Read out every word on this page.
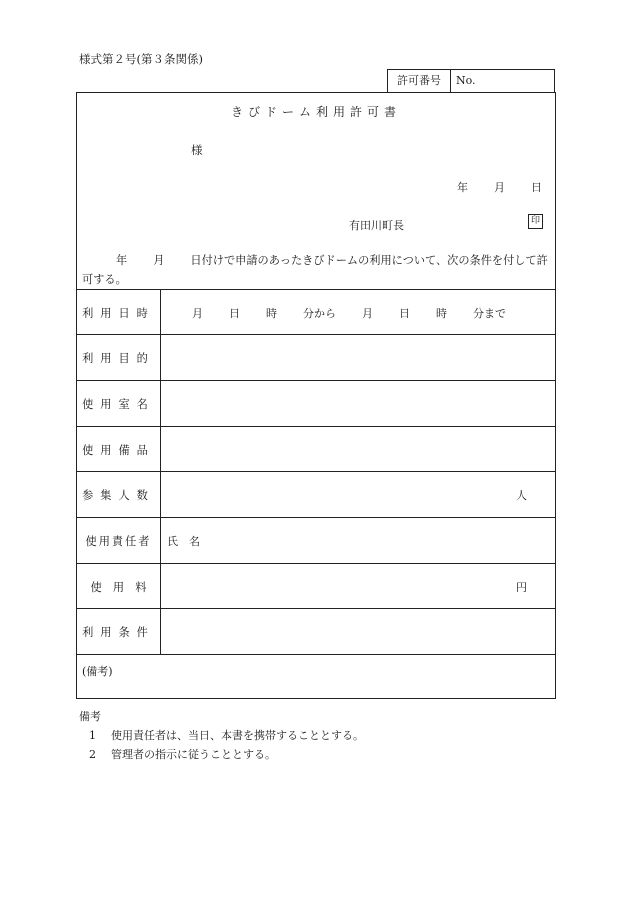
様式第２号(第３条関係)
許可番号	No.
きびドーム利用許可書
様
年 月 日
有田川町長	印
年 月 日付けで申請のあったきびドームの利用について、次の条件を付して許可する。
利用日時	月 日 時 分から 月 日 時 分まで
利用目的
使用室名
使用備品
参集人数	人
使用責任者	氏　名
使　用　料	円
利用条件
(備考)
備考
1 使用責任者は、当日、本書を携帯することとする。
2 管理者の指示に従うこととする。
